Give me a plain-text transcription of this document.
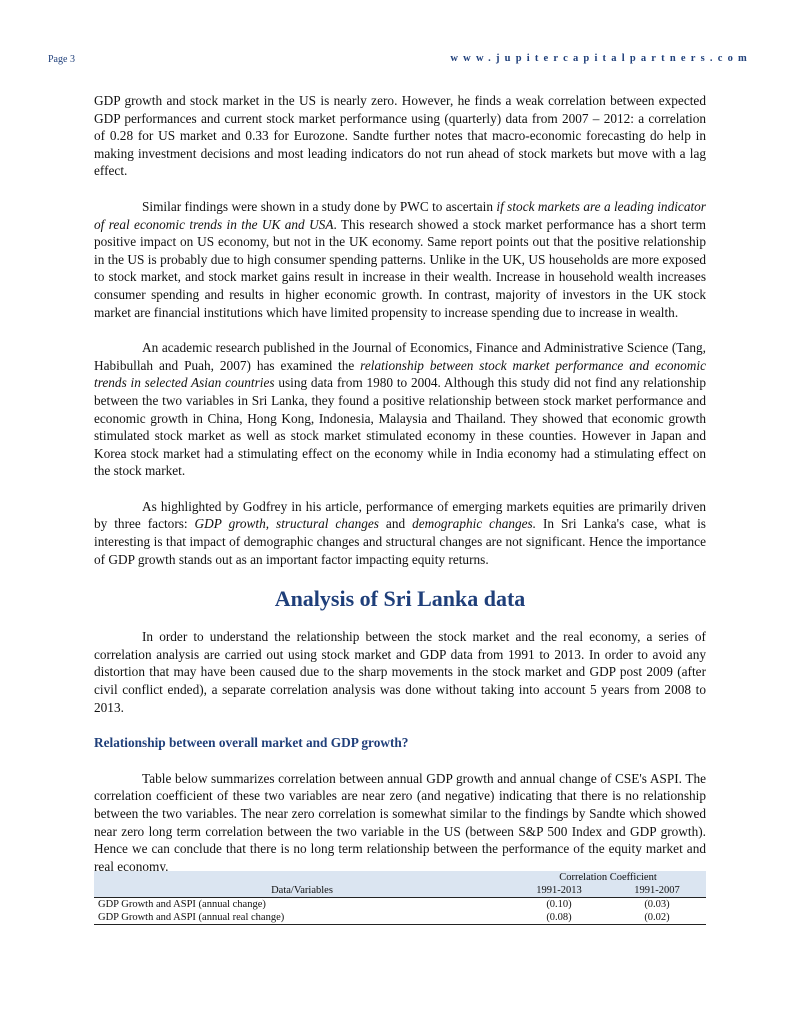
Page 3	www.jupitercapitalpartners.com

GDP growth and stock market in the US is nearly zero. However, he finds a weak correlation between expected GDP performances and current stock market performance using (quarterly) data from 2007 – 2012: a correlation of 0.28 for US market and 0.33 for Eurozone. Sandte further notes that macro-economic forecasting do help in making investment decisions and most leading indicators do not run ahead of stock markets but move with a lag effect.

Similar findings were shown in a study done by PWC to ascertain if stock markets are a leading indicator of real economic trends in the UK and USA. This research showed a stock market performance has a short term positive impact on US economy, but not in the UK economy. Same report points out that the positive relationship in the US is probably due to high consumer spending patterns. Unlike in the UK, US households are more exposed to stock market, and stock market gains result in increase in their wealth. Increase in household wealth increases consumer spending and results in higher economic growth. In contrast, majority of investors in the UK stock market are financial institutions which have limited propensity to increase spending due to increase in wealth.

An academic research published in the Journal of Economics, Finance and Administrative Science (Tang, Habibullah and Puah, 2007) has examined the relationship between stock market performance and economic trends in selected Asian countries using data from 1980 to 2004. Although this study did not find any relationship between the two variables in Sri Lanka, they found a positive relationship between stock market performance and economic growth in China, Hong Kong, Indonesia, Malaysia and Thailand. They showed that economic growth stimulated stock market as well as stock market stimulated economy in these counties. However in Japan and Korea stock market had a stimulating effect on the economy while in India economy had a stimulating effect on the stock market.

As highlighted by Godfrey in his article, performance of emerging markets equities are primarily driven by three factors: GDP growth, structural changes and demographic changes. In Sri Lanka's case, what is interesting is that impact of demographic changes and structural changes are not significant. Hence the importance of GDP growth stands out as an important factor impacting equity returns.

Analysis of Sri Lanka data

In order to understand the relationship between the stock market and the real economy, a series of correlation analysis are carried out using stock market and GDP data from 1991 to 2013. In order to avoid any distortion that may have been caused due to the sharp movements in the stock market and GDP post 2009 (after civil conflict ended), a separate correlation analysis was done without taking into account 5 years from 2008 to 2013.

Relationship between overall market and GDP growth?

Table below summarizes correlation between annual GDP growth and annual change of CSE's ASPI. The correlation coefficient of these two variables are near zero (and negative) indicating that there is no relationship between the two variables. The near zero correlation is somewhat similar to the findings by Sandte which showed near zero long term correlation between the two variable in the US (between S&P 500 Index and GDP growth). Hence we can conclude that there is no long term relationship between the performance of the equity market and real economy.

	Correlation Coefficient	
Data/Variables	1991-2013	1991-2007
GDP Growth and ASPI (annual change)	(0.10)	(0.03)
GDP Growth and ASPI (annual real change)	(0.08)	(0.02)
